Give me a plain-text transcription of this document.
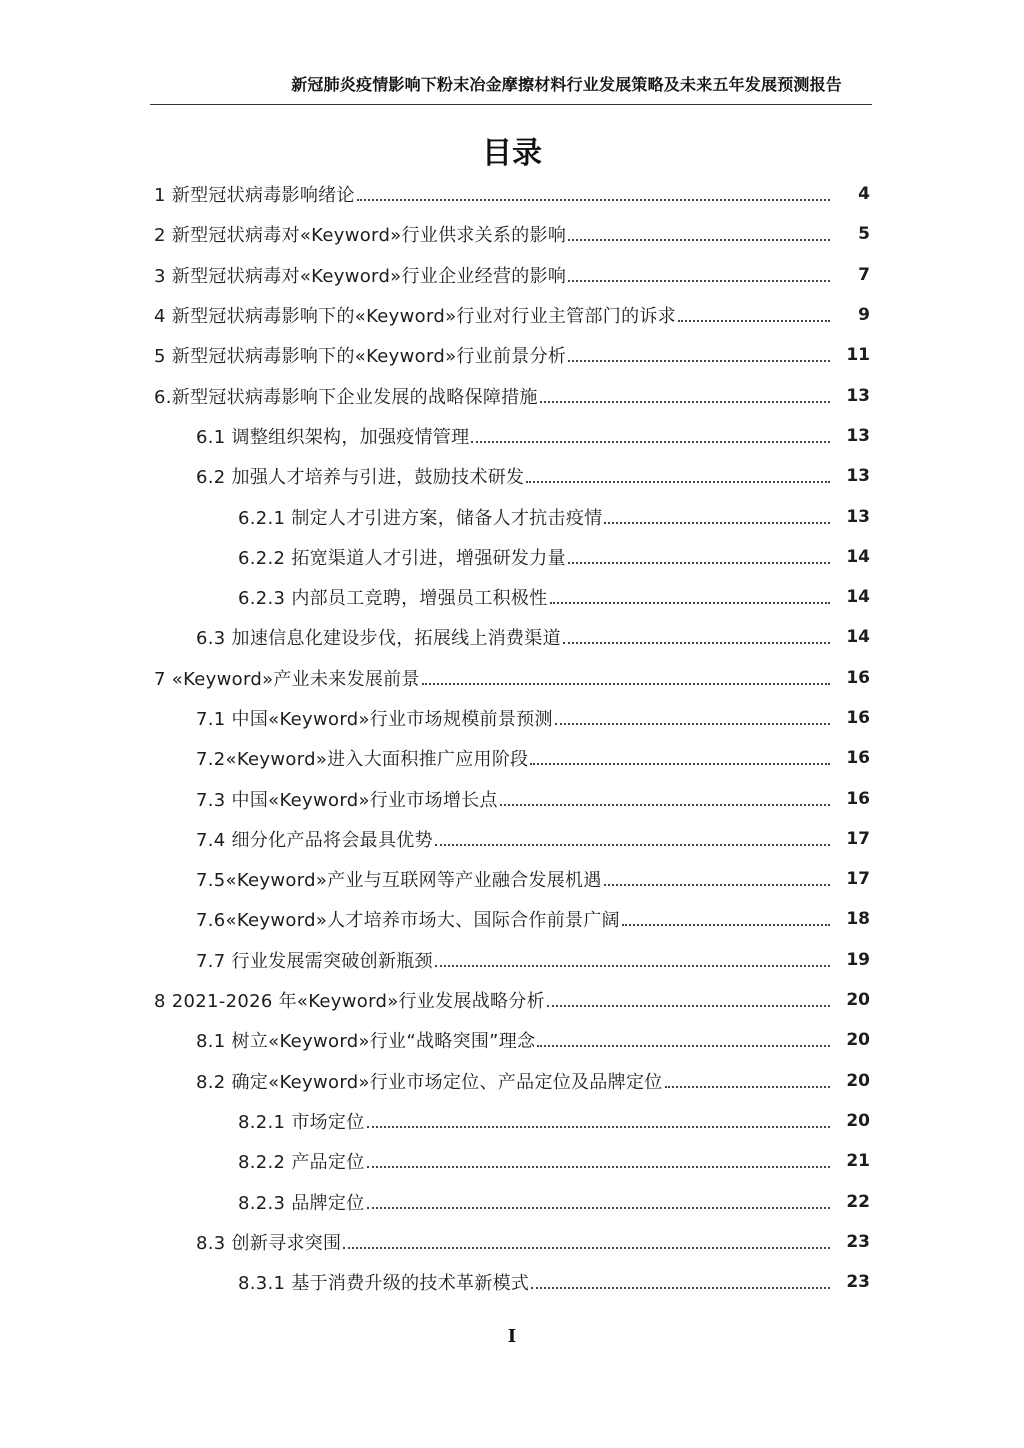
新冠肺炎疫情影响下粉末冶金摩擦材料行业发展策略及未来五年发展预测报告
目录
1 新型冠状病毒影响绪论	4
2 新型冠状病毒对«Keyword»行业供求关系的影响	5
3 新型冠状病毒对«Keyword»行业企业经营的影响	7
4 新型冠状病毒影响下的«Keyword»行业对行业主管部门的诉求	9
5 新型冠状病毒影响下的«Keyword»行业前景分析	11
6.新型冠状病毒影响下企业发展的战略保障措施	13
6.1 调整组织架构，加强疫情管理	13
6.2 加强人才培养与引进，鼓励技术研发	13
6.2.1 制定人才引进方案，储备人才抗击疫情	13
6.2.2 拓宽渠道人才引进，增强研发力量	14
6.2.3 内部员工竞聘，增强员工积极性	14
6.3 加速信息化建设步伐，拓展线上消费渠道	14
7 «Keyword»产业未来发展前景	16
7.1 中国«Keyword»行业市场规模前景预测	16
7.2«Keyword»进入大面积推广应用阶段	16
7.3 中国«Keyword»行业市场增长点	16
7.4 细分化产品将会最具优势	17
7.5«Keyword»产业与互联网等产业融合发展机遇	17
7.6«Keyword»人才培养市场大、国际合作前景广阔	18
7.7 行业发展需突破创新瓶颈	19
8 2021-2026 年«Keyword»行业发展战略分析	20
8.1 树立«Keyword»行业“战略突围”理念	20
8.2 确定«Keyword»行业市场定位、产品定位及品牌定位	20
8.2.1 市场定位	20
8.2.2 产品定位	21
8.2.3 品牌定位	22
8.3 创新寻求突围	23
8.3.1 基于消费升级的技术革新模式	23
I
